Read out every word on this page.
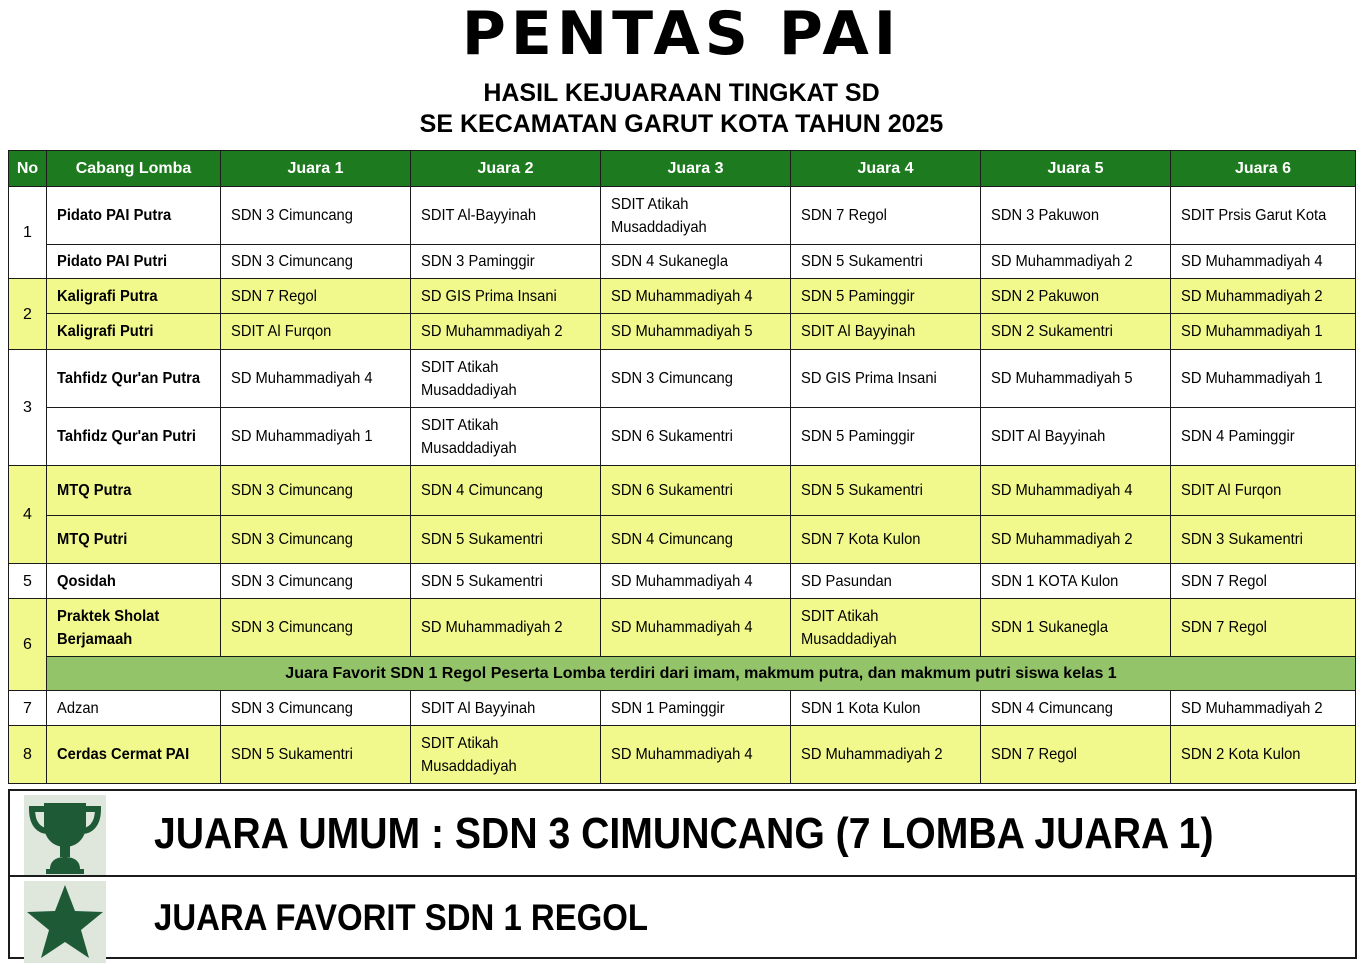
PENTAS PAI
HASIL KEJUARAAN TINGKAT SD
SE KECAMATAN GARUT KOTA TAHUN 2025
No	Cabang Lomba	Juara 1	Juara 2	Juara 3	Juara 4	Juara 5	Juara 6
1	Pidato PAI Putra	SDN 3 Cimuncang	SDIT Al-Bayyinah	SDIT Atikah Musaddadiyah	SDN 7 Regol	SDN 3 Pakuwon	SDIT Prsis Garut Kota
	Pidato PAI Putri	SDN 3 Cimuncang	SDN 3 Paminggir	SDN 4 Sukanegla	SDN 5 Sukamentri	SD Muhammadiyah 2	SD Muhammadiyah 4
2	Kaligrafi Putra	SDN 7 Regol	SD GIS Prima Insani	SD Muhammadiyah 4	SDN 5 Paminggir	SDN 2 Pakuwon	SD Muhammadiyah 2
	Kaligrafi Putri	SDIT Al Furqon	SD Muhammadiyah 2	SD Muhammadiyah 5	SDIT Al Bayyinah	SDN 2 Sukamentri	SD Muhammadiyah 1
3	Tahfidz Qur'an Putra	SD Muhammadiyah 4	SDIT Atikah Musaddadiyah	SDN 3 Cimuncang	SD GIS Prima Insani	SD Muhammadiyah 5	SD Muhammadiyah 1
	Tahfidz Qur'an Putri	SD Muhammadiyah 1	SDIT Atikah Musaddadiyah	SDN 6 Sukamentri	SDN 5 Paminggir	SDIT Al Bayyinah	SDN 4 Paminggir
4	MTQ Putra	SDN 3 Cimuncang	SDN 4 Cimuncang	SDN 6 Sukamentri	SDN 5 Sukamentri	SD Muhammadiyah 4	SDIT Al Furqon
	MTQ Putri	SDN 3 Cimuncang	SDN 5 Sukamentri	SDN 4 Cimuncang	SDN 7 Kota Kulon	SD Muhammadiyah 2	SDN 3 Sukamentri
5	Qosidah	SDN 3 Cimuncang	SDN 5 Sukamentri	SD Muhammadiyah 4	SD Pasundan	SDN 1 KOTA Kulon	SDN 7 Regol
6	Praktek Sholat Berjamaah	SDN 3 Cimuncang	SD Muhammadiyah 2	SD Muhammadiyah 4	SDIT Atikah Musaddadiyah	SDN 1 Sukanegla	SDN 7 Regol
	Juara Favorit SDN 1 Regol Peserta Lomba terdiri dari imam, makmum putra, dan makmum putri siswa kelas 1						
7	Adzan	SDN 3 Cimuncang	SDIT Al Bayyinah	SDN 1 Paminggir	SDN 1 Kota Kulon	SDN 4 Cimuncang	SD Muhammadiyah 2
8	Cerdas Cermat PAI	SDN 5 Sukamentri	SDIT Atikah Musaddadiyah	SD Muhammadiyah 4	SD Muhammadiyah 2	SDN 7 Regol	SDN 2 Kota Kulon
JUARA UMUM : SDN 3 CIMUNCANG (7 LOMBA JUARA 1)
JUARA FAVORIT SDN 1 REGOL
